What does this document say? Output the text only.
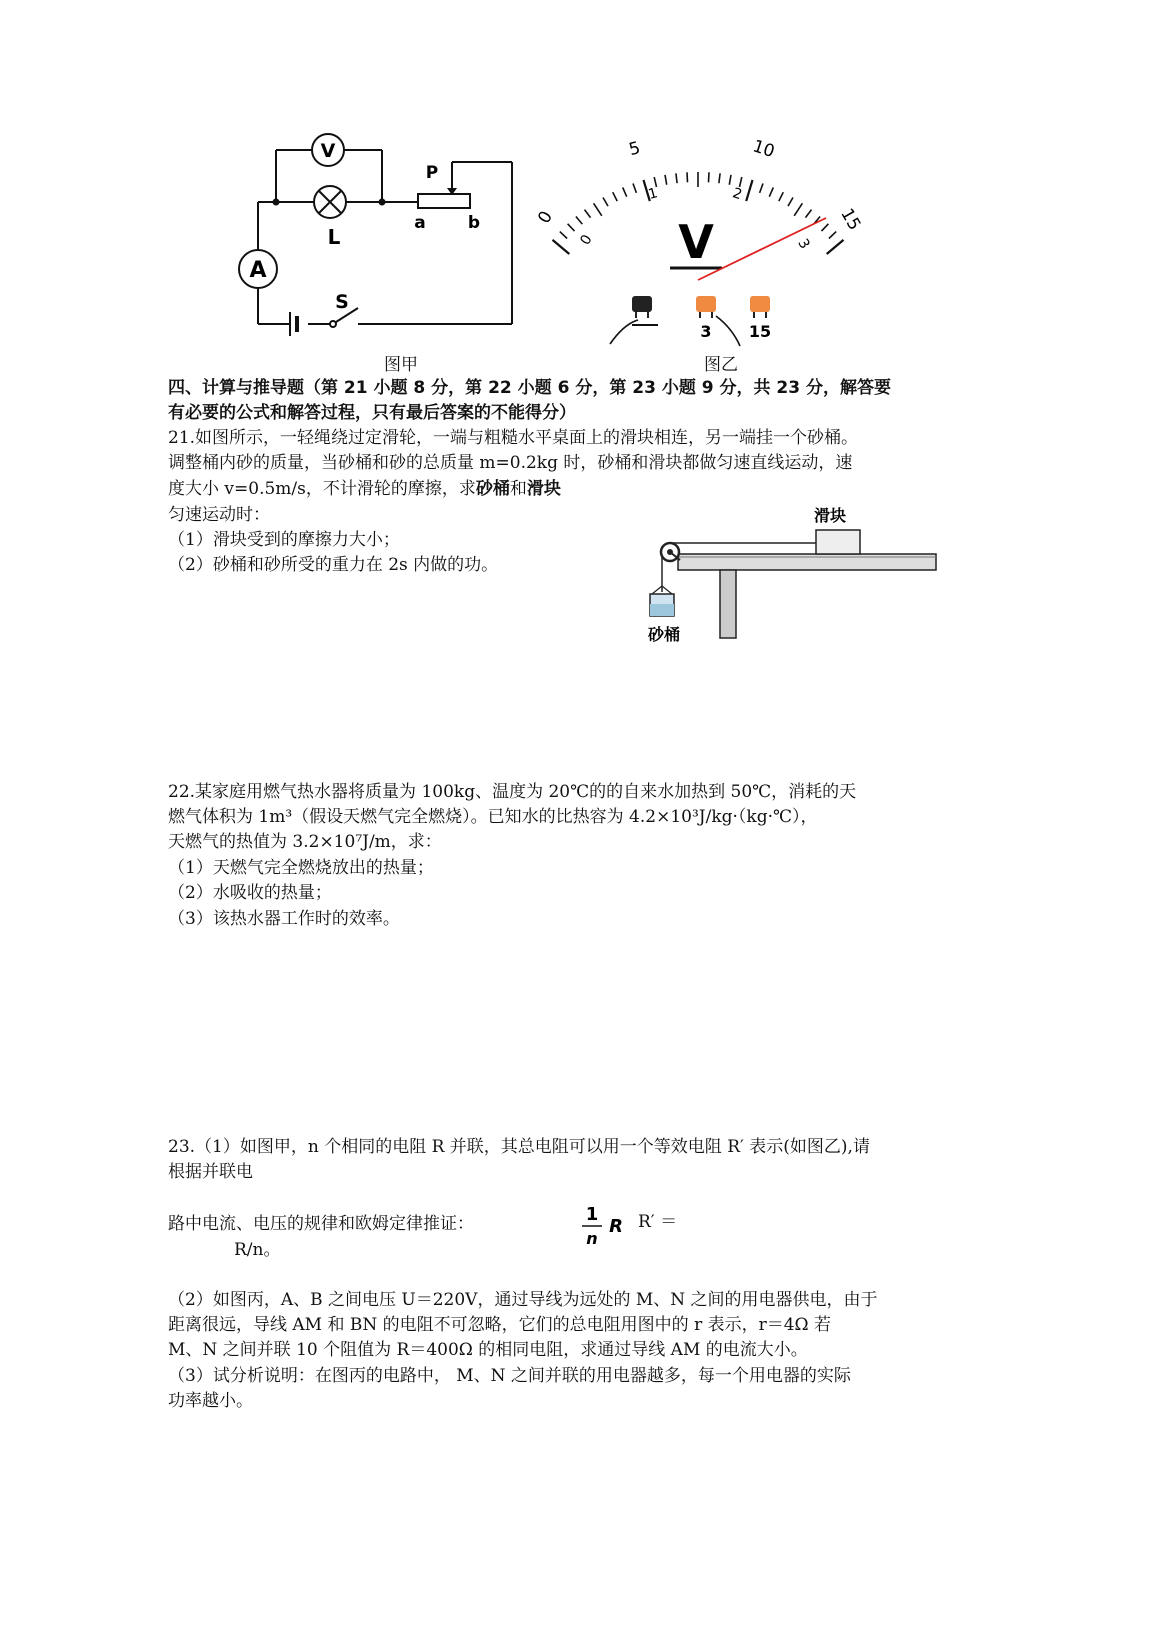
V
A
L
S
P
a b
图甲
0
5	10
15
0
1	2
3
V
3 15
图乙
四、计算与推导题（第 21 小题 8 分，第 22 小题 6 分，第 23 小题 9 分，共 23 分，解答要
有必要的公式和解答过程，只有最后答案的不能得分）
21.如图所示，一轻绳绕过定滑轮，一端与粗糙水平桌面上的滑块相连，另一端挂一个砂桶。
调整桶内砂的质量，当砂桶和砂的总质量 m=0.2kg 时，砂桶和滑块都做匀速直线运动，速
度大小 v=0.5m/s，不计滑轮的摩擦，求砂桶和滑块
匀速运动时：
（1）滑块受到的摩擦力大小；
（2）砂桶和砂所受的重力在 2s 内做的功。
滑块
砂桶
22.某家庭用燃气热水器将质量为 100kg、温度为 20℃的的自来水加热到 50℃，消耗的天
燃气体积为 1m³（假设天燃气完全燃烧）。已知水的比热容为 4.2×10³J/kg·（kg·℃），
天燃气的热值为 3.2×10⁷J/m，求：
（1）天燃气完全燃烧放出的热量；
（2）水吸收的热量；
（3）该热水器工作时的效率。
23.（1）如图甲，n 个相同的电阻 R 并联，其总电阻可以用一个等效电阻 R′ 表示(如图乙),请
根据并联电
路中电流、电压的规律和欧姆定律推证：	1
n
R R′ ＝
R/n。
（2）如图丙，A、B 之间电压 U＝220V，通过导线为远处的 M、N 之间的用电器供电，由于
距离很远，导线 AM 和 BN 的电阻不可忽略，它们的总电阻用图中的 r 表示，r＝4Ω 若
M、N 之间并联 10 个阻值为 R＝400Ω 的相同电阻，求通过导线 AM 的电流大小。
（3）试分析说明：在图丙的电路中， M、N 之间并联的用电器越多，每一个用电器的实际
功率越小。
